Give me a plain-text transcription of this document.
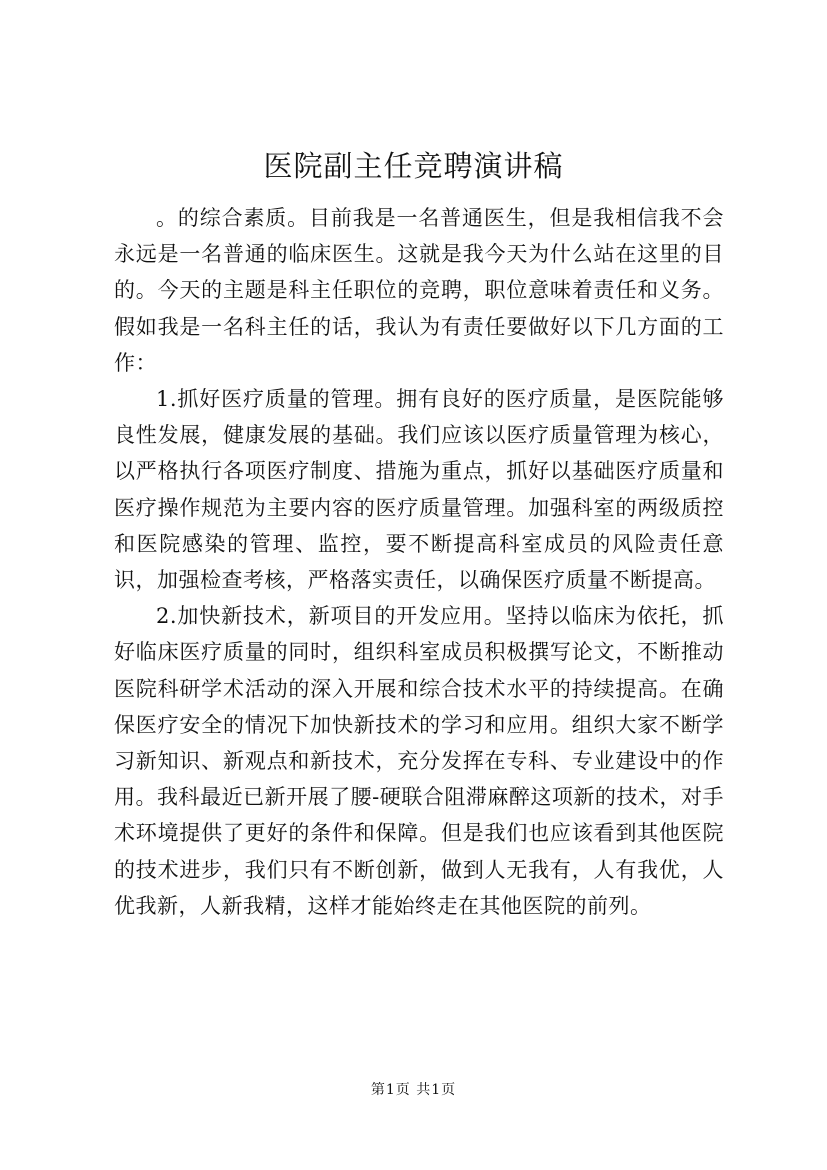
医院副主任竞聘演讲稿

。的综合素质。目前我是一名普通医生，但是我相信我不会永远是一名普通的临床医生。这就是我今天为什么站在这里的目的。今天的主题是科主任职位的竞聘，职位意味着责任和义务。假如我是一名科主任的话，我认为有责任要做好以下几方面的工作：

1.抓好医疗质量的管理。拥有良好的医疗质量，是医院能够良性发展，健康发展的基础。我们应该以医疗质量管理为核心，以严格执行各项医疗制度、措施为重点，抓好以基础医疗质量和医疗操作规范为主要内容的医疗质量管理。加强科室的两级质控和医院感染的管理、监控，要不断提高科室成员的风险责任意识，加强检查考核，严格落实责任，以确保医疗质量不断提高。

2.加快新技术，新项目的开发应用。坚持以临床为依托，抓好临床医疗质量的同时，组织科室成员积极撰写论文，不断推动医院科研学术活动的深入开展和综合技术水平的持续提高。在确保医疗安全的情况下加快新技术的学习和应用。组织大家不断学习新知识、新观点和新技术，充分发挥在专科、专业建设中的作用。我科最近已新开展了腰-硬联合阻滞麻醉这项新的技术，对手术环境提供了更好的条件和保障。但是我们也应该看到其他医院的技术进步，我们只有不断创新，做到人无我有，人有我优，人优我新，人新我精，这样才能始终走在其他医院的前列。

第1页 共1页
